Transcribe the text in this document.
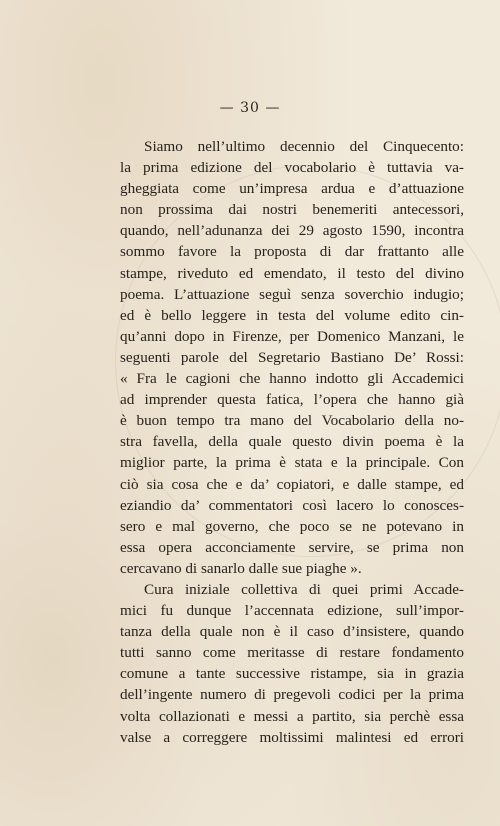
— 30 —
Siamo nell’ultimo decennio del Cinquecento:
la prima edizione del vocabolario è tuttavia va-
gheggiata come un’impresa ardua e d’attuazione
non prossima dai nostri benemeriti antecessori,
quando, nell’adunanza dei 29 agosto 1590, incontra
sommo favore la proposta di dar frattanto alle
stampe, riveduto ed emendato, il testo del divino
poema. L’attuazione seguì senza soverchio indugio;
ed è bello leggere in testa del volume edito cin-
qu’anni dopo in Firenze, per Domenico Manzani, le
seguenti parole del Segretario Bastiano De’ Rossi:
« Fra le cagioni che hanno indotto gli Accademici
ad imprender questa fatica, l’opera che hanno già
è buon tempo tra mano del Vocabolario della no-
stra favella, della quale questo divin poema è la
miglior parte, la prima è stata e la principale. Con
ciò sia cosa che e da’ copiatori, e dalle stampe, ed
eziandio da’ commentatori così lacero lo conosces-
sero e mal governo, che poco se ne potevano in
essa opera acconciamente servire, se prima non
cercavano di sanarlo dalle sue piaghe ».
Cura iniziale collettiva di quei primi Accade-
mici fu dunque l’accennata edizione, sull’impor-
tanza della quale non è il caso d’insistere, quando
tutti sanno come meritasse di restare fondamento
comune a tante successive ristampe, sia in grazia
dell’ingente numero di pregevoli codici per la prima
volta collazionati e messi a partito, sia perchè essa
valse a correggere moltissimi malintesi ed errori
